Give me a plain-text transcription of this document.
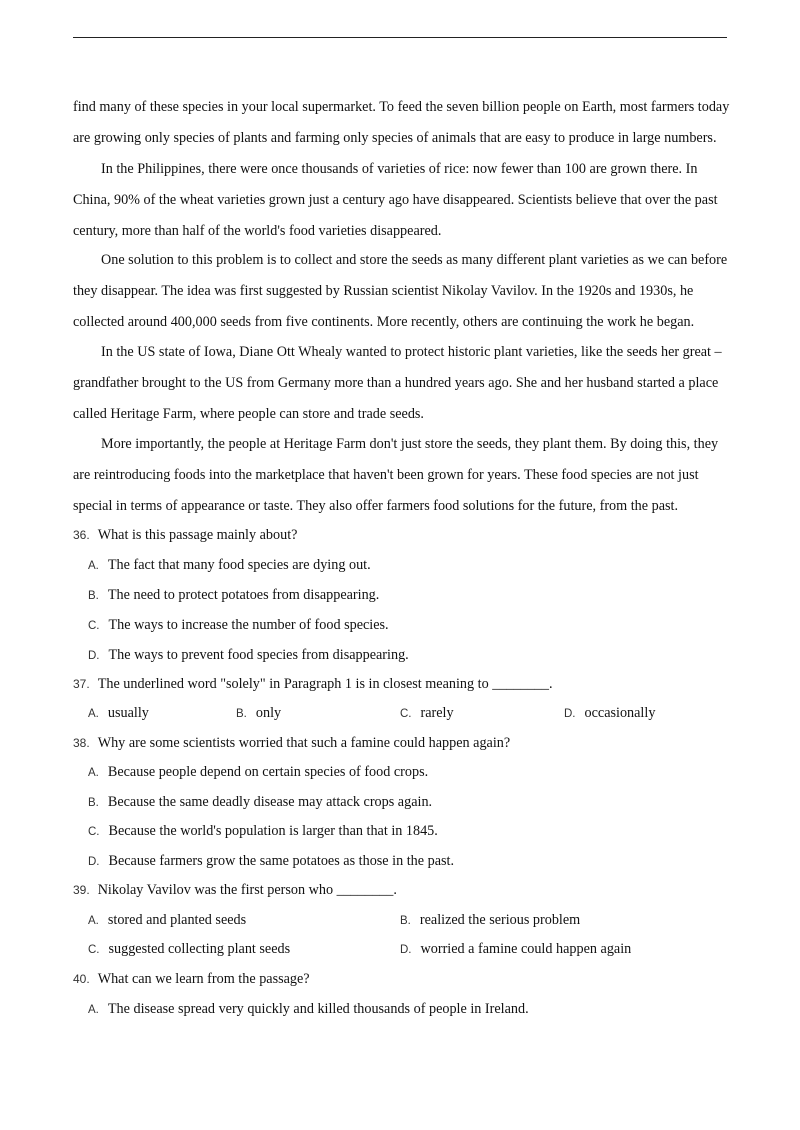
find many of these species in your local supermarket. To feed the seven billion people on Earth, most farmers today
are growing only species of plants and farming only species of animals that are easy to produce in large numbers.
In the Philippines, there were once thousands of varieties of rice: now fewer than 100 are grown there. In
China, 90% of the wheat varieties grown just a century ago have disappeared. Scientists believe that over the past
century, more than half of the world's food varieties disappeared.
One solution to this problem is to collect and store the seeds as many different plant varieties as we can before
they disappear. The idea was first suggested by Russian scientist Nikolay Vavilov. In the 1920s and 1930s, he
collected around 400,000 seeds from five continents. More recently, others are continuing the work he began.
In the US state of Iowa, Diane Ott Whealy wanted to protect historic plant varieties, like the seeds her great –
grandfather brought to the US from Germany more than a hundred years ago. She and her husband started a place
called Heritage Farm, where people can store and trade seeds.
More importantly, the people at Heritage Farm don't just store the seeds, they plant them. By doing this, they
are reintroducing foods into the marketplace that haven't been grown for years. These food species are not just
special in terms of appearance or taste. They also offer farmers food solutions for the future, from the past.
36. What is this passage mainly about?
A. The fact that many food species are dying out.
B. The need to protect potatoes from disappearing.
C. The ways to increase the number of food species.
D. The ways to prevent food species from disappearing.
37. The underlined word "solely" in Paragraph 1 is in closest meaning to ________.
A. usually	B. only	C. rarely	D. occasionally
38. Why are some scientists worried that such a famine could happen again?
A. Because people depend on certain species of food crops.
B. Because the same deadly disease may attack crops again.
C. Because the world's population is larger than that in 1845.
D. Because farmers grow the same potatoes as those in the past.
39. Nikolay Vavilov was the first person who ________.
A. stored and planted seeds	B. realized the serious problem
C. suggested collecting plant seeds	D. worried a famine could happen again
40. What can we learn from the passage?
A. The disease spread very quickly and killed thousands of people in Ireland.
